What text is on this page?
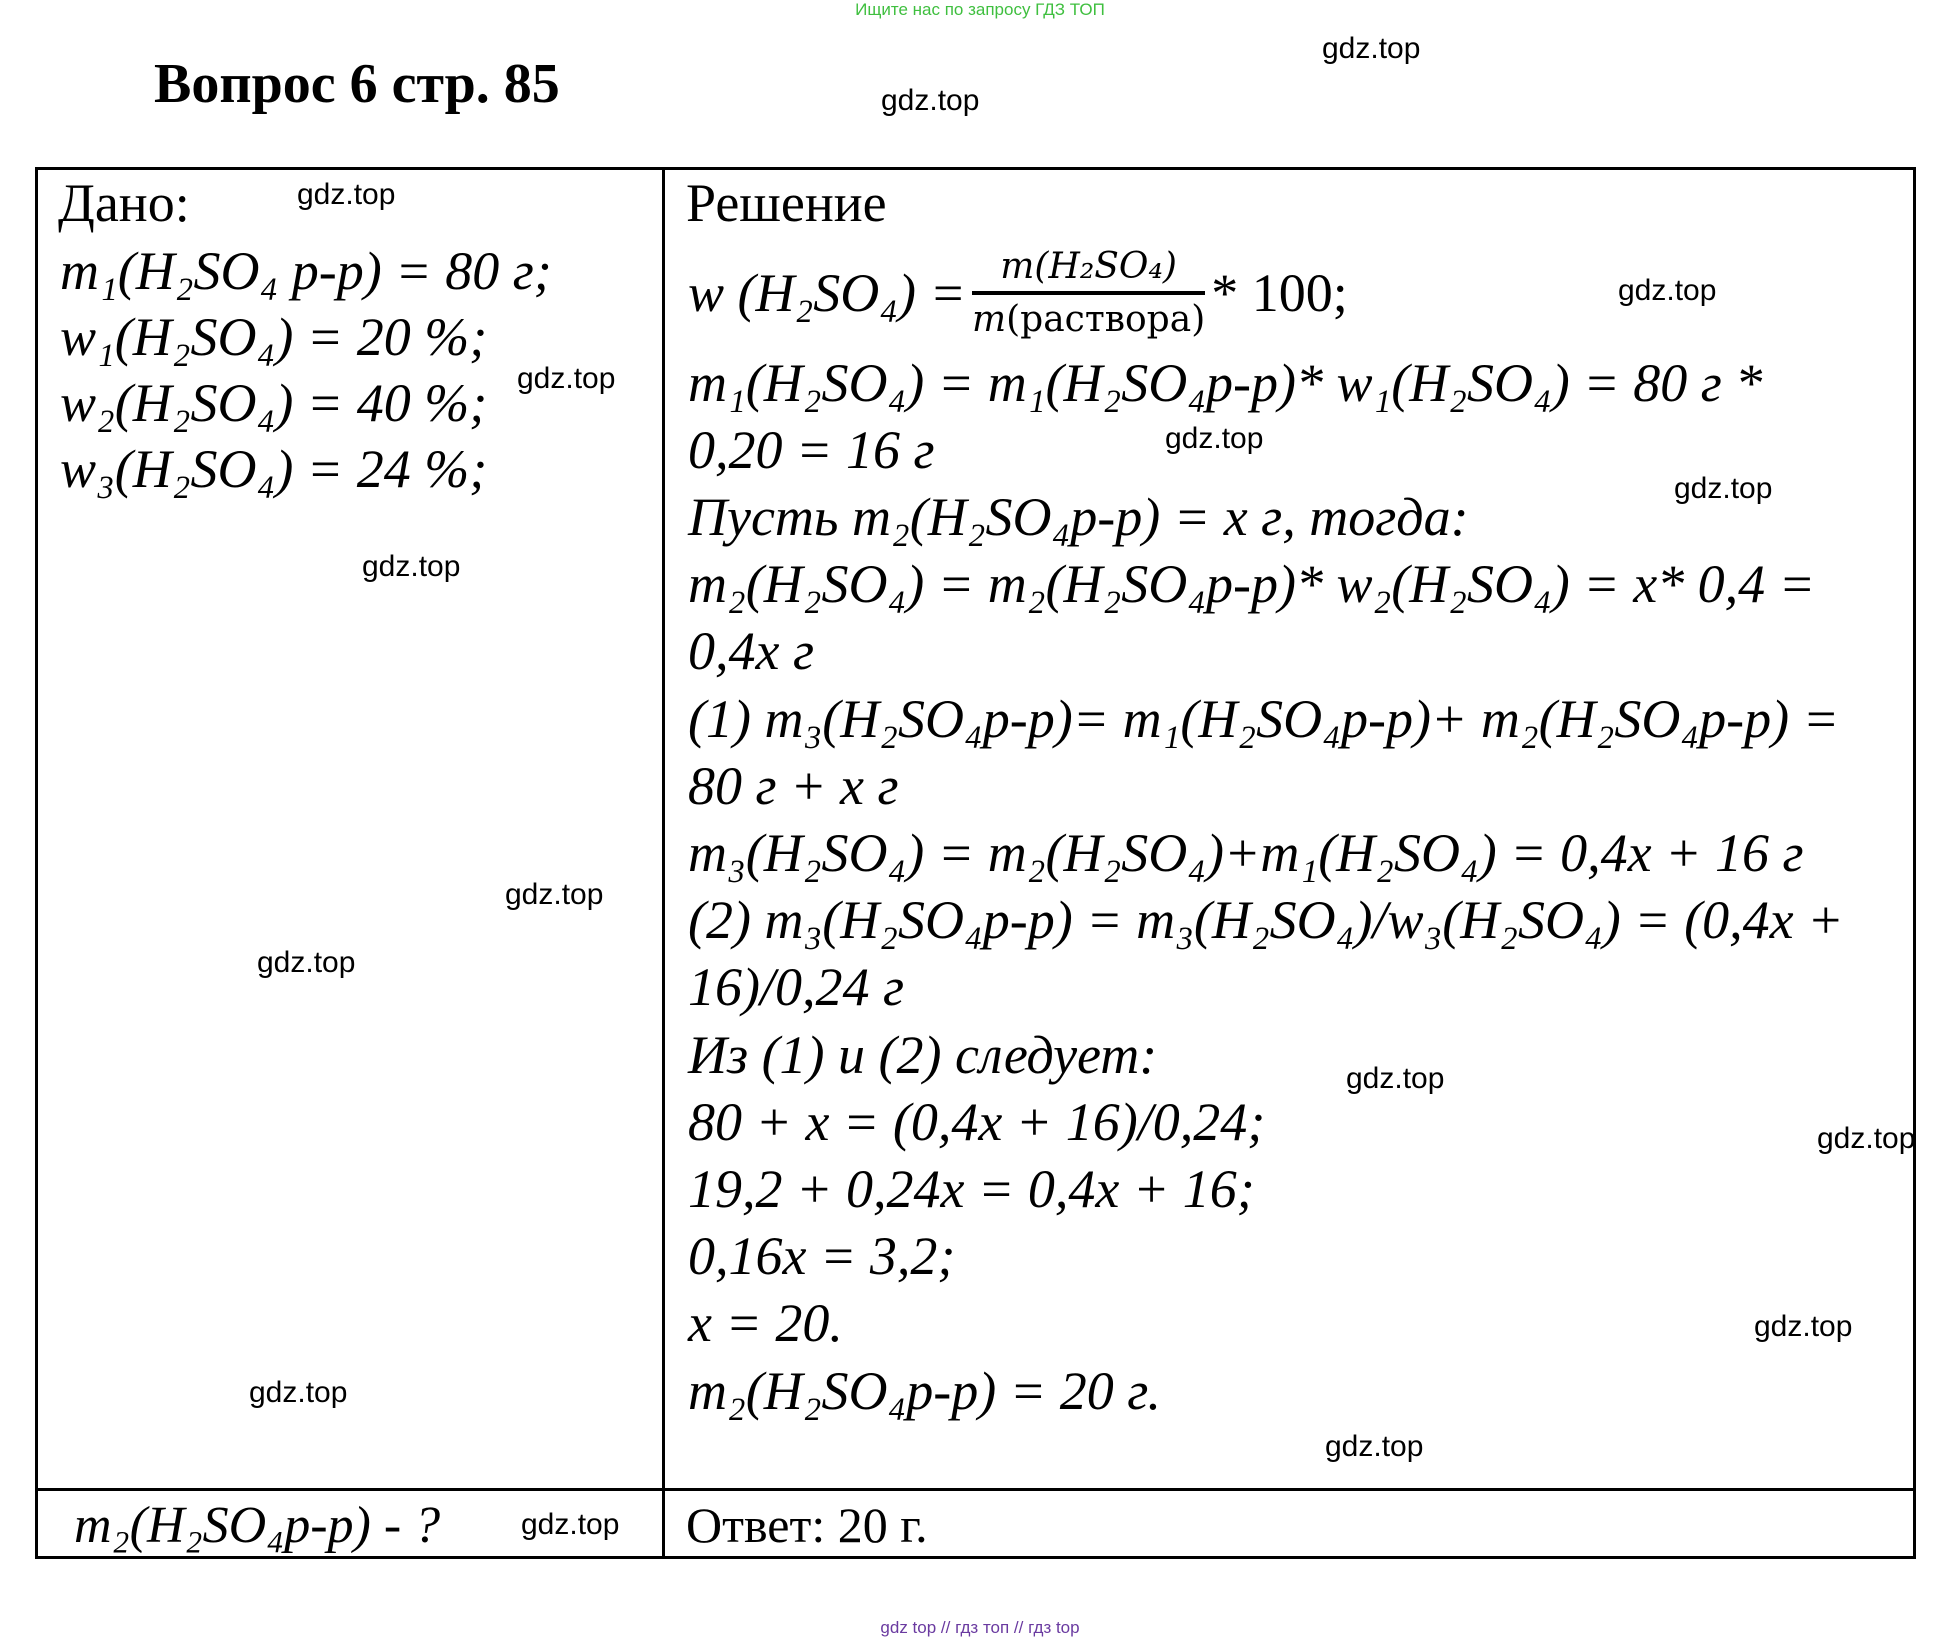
Ищите нас по запросу ГДЗ ТОП
Вопрос 6 стр. 85
Дано:
m₁(H₂SO₄ р-р) = 80 г;
w₁(H₂SO₄) = 20 %;
w₂(H₂SO₄) = 40 %;
w₃(H₂SO₄) = 24 %;
m₂(H₂SO₄р-р) - ?
Решение
w $(H_2SO_4) = \frac{\text{m(H₂SO₄)}}{\text{m(раствора)}} * 100$;
m₁(H₂SO₄) = m₁(H₂SO₄р-р)* w₁(H₂SO₄) = 80 г *
0,20 = 16 г
Пусть m₂(H₂SO₄р-р) = x г, тогда:
m₂(H₂SO₄) = m₂(H₂SO₄р-р)* w₂(H₂SO₄) = x* 0,4 =
0,4x г
(1) m₃(H₂SO₄р-р)= m₁(H₂SO₄р-р)+ m₂(H₂SO₄р-р) =
80 г + x г
m₃(H₂SO₄) = m₂(H₂SO₄)+m₁(H₂SO₄) = 0,4x + 16 г
(2) m₃(H₂SO₄р-р) = m₃(H₂SO₄)/w₃(H₂SO₄) = (0,4x +
16)/0,24 г
Из (1) и (2) следует:
80 + x = (0,4x + 16)/0,24;
19,2 + 0,24x = 0,4x + 16;
0,16x = 3,2;
x = 20.
m₂(H₂SO₄р-р) = 20 г.
Ответ: 20 г.
gdz.top
gdz.top
gdz.top
gdz.top
gdz.top
gdz.top
gdz.top
gdz.top
gdz.top
gdz.top
gdz.top
gdz.top
gdz.top
gdz.top
gdz.top
gdz.top
gdz top // гдз топ // гдз top
